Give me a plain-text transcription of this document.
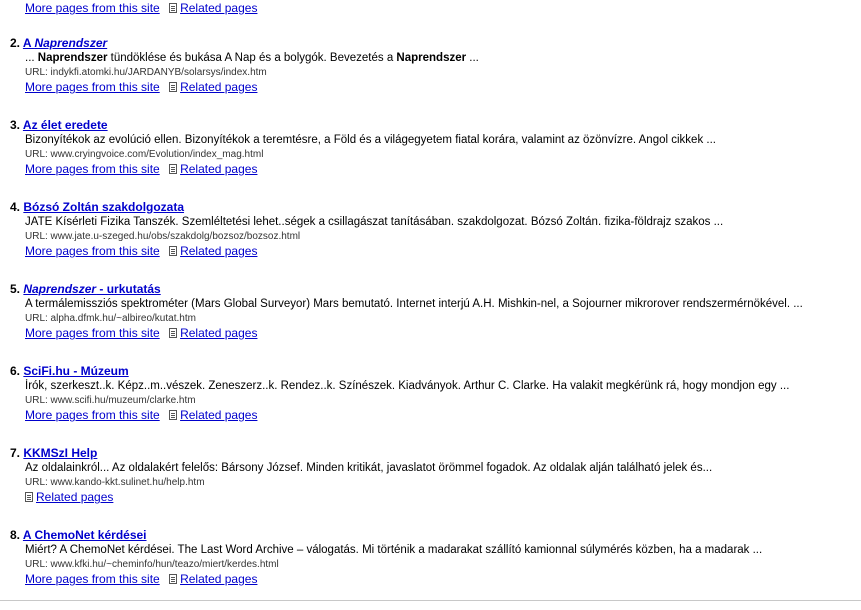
More pages from this site Related pages
2. A Naprendszer
... Naprendszer tündöklése és bukása A Nap és a bolygók. Bevezetés a Naprendszer ...
URL: indykfi.atomki.hu/JARDANYB/solarsys/index.htm
More pages from this site Related pages
3. Az élet eredete
Bizonyítékok az evolúció ellen. Bizonyítékok a teremtésre, a Föld és a világegyetem fiatal korára, valamint az özönvízre. Angol cikkek ...
URL: www.cryingvoice.com/Evolution/index_mag.html
More pages from this site Related pages
4. Bózsó Zoltán szakdolgozata
JATE Kísérleti Fizika Tanszék. Szemléltetési lehet..ségek a csillagászat tanításában. szakdolgozat. Bózsó Zoltán. fizika-földrajz szakos ...
URL: www.jate.u-szeged.hu/obs/szakdolg/bozsoz/bozsoz.html
More pages from this site Related pages
5. Naprendszer - urkutatás
A termálemissziós spektrométer (Mars Global Surveyor) Mars bemutató. Internet interjú A.H. Mishkin-nel, a Sojourner mikrorover rendszermérnökével. ...
URL: alpha.dfmk.hu/~albireo/kutat.htm
More pages from this site Related pages
6. SciFi.hu - Múzeum
Írók, szerkeszt..k. Képz..m..vészek. Zeneszerz..k. Rendez..k. Színészek. Kiadványok. Arthur C. Clarke. Ha valakit megkérünk rá, hogy mondjon egy ...
URL: www.scifi.hu/muzeum/clarke.htm
More pages from this site Related pages
7. KKMSzI Help
Az oldalainkról... Az oldalakért felelős: Bársony József. Minden kritikát, javaslatot örömmel fogadok. Az oldalak alján található jelek és...
URL: www.kando-kkt.sulinet.hu/help.htm
Related pages
8. A ChemoNet kérdései
Miért? A ChemoNet kérdései. The Last Word Archive – válogatás. Mi történik a madarakat szállító kamionnal súlymérés közben, ha a madarak ...
URL: www.kfki.hu/~cheminfo/hun/teazo/miert/kerdes.html
More pages from this site Related pages
